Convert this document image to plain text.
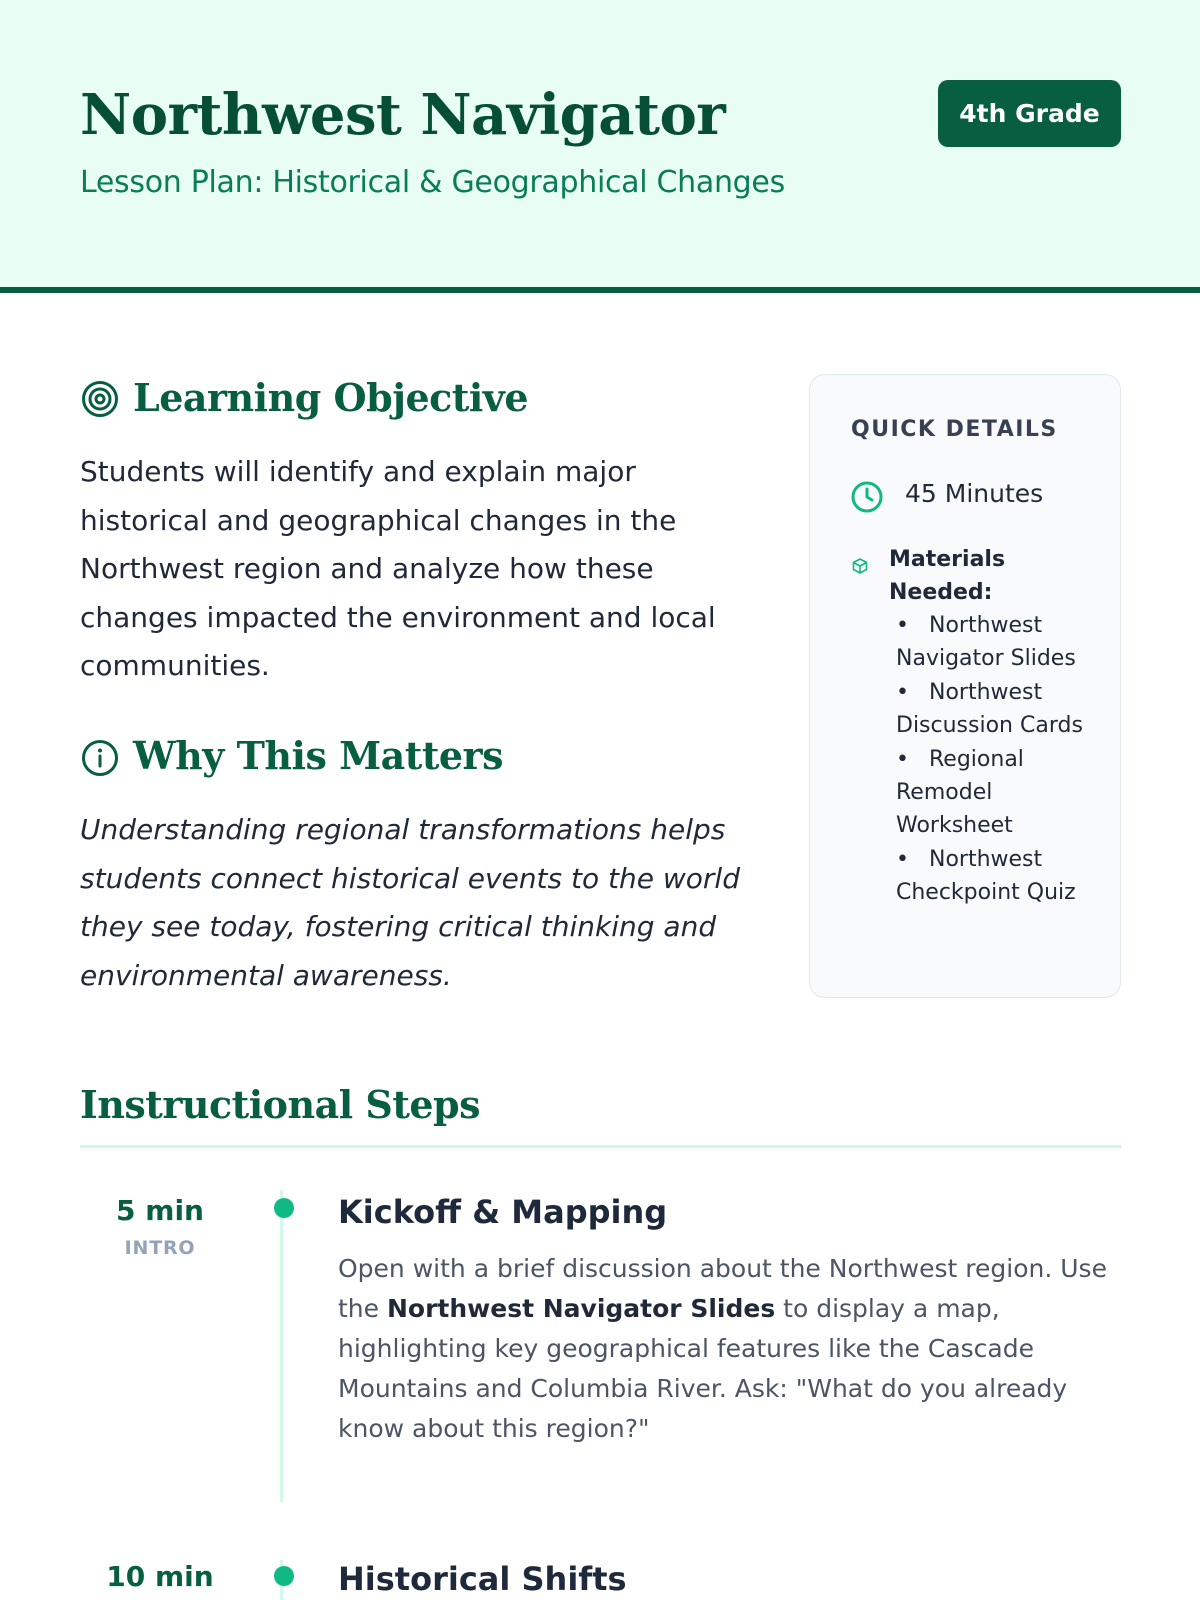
Northwest Navigator
Lesson Plan: Historical & Geographical Changes
4th Grade
Learning Objective

Students will identify and explain major historical and geographical changes in the Northwest region and analyze how these changes impacted the environment and local communities.

Why This Matters

Understanding regional transformations helps students connect historical events to the world they see today, fostering critical thinking and environmental awareness.

QUICK DETAILS
45 Minutes
Materials Needed:
• Northwest Navigator Slides
• Northwest Discussion Cards
• Regional Remodel Worksheet
• Northwest Checkpoint Quiz
Instructional Steps
5 min
INTRO
Kickoff & Mapping

Open with a brief discussion about the Northwest region. Use the Northwest Navigator Slides to display a map, highlighting key geographical features like the Cascade Mountains and Columbia River. Ask: "What do you already know about this region?"

10 min	Historical Shifts
